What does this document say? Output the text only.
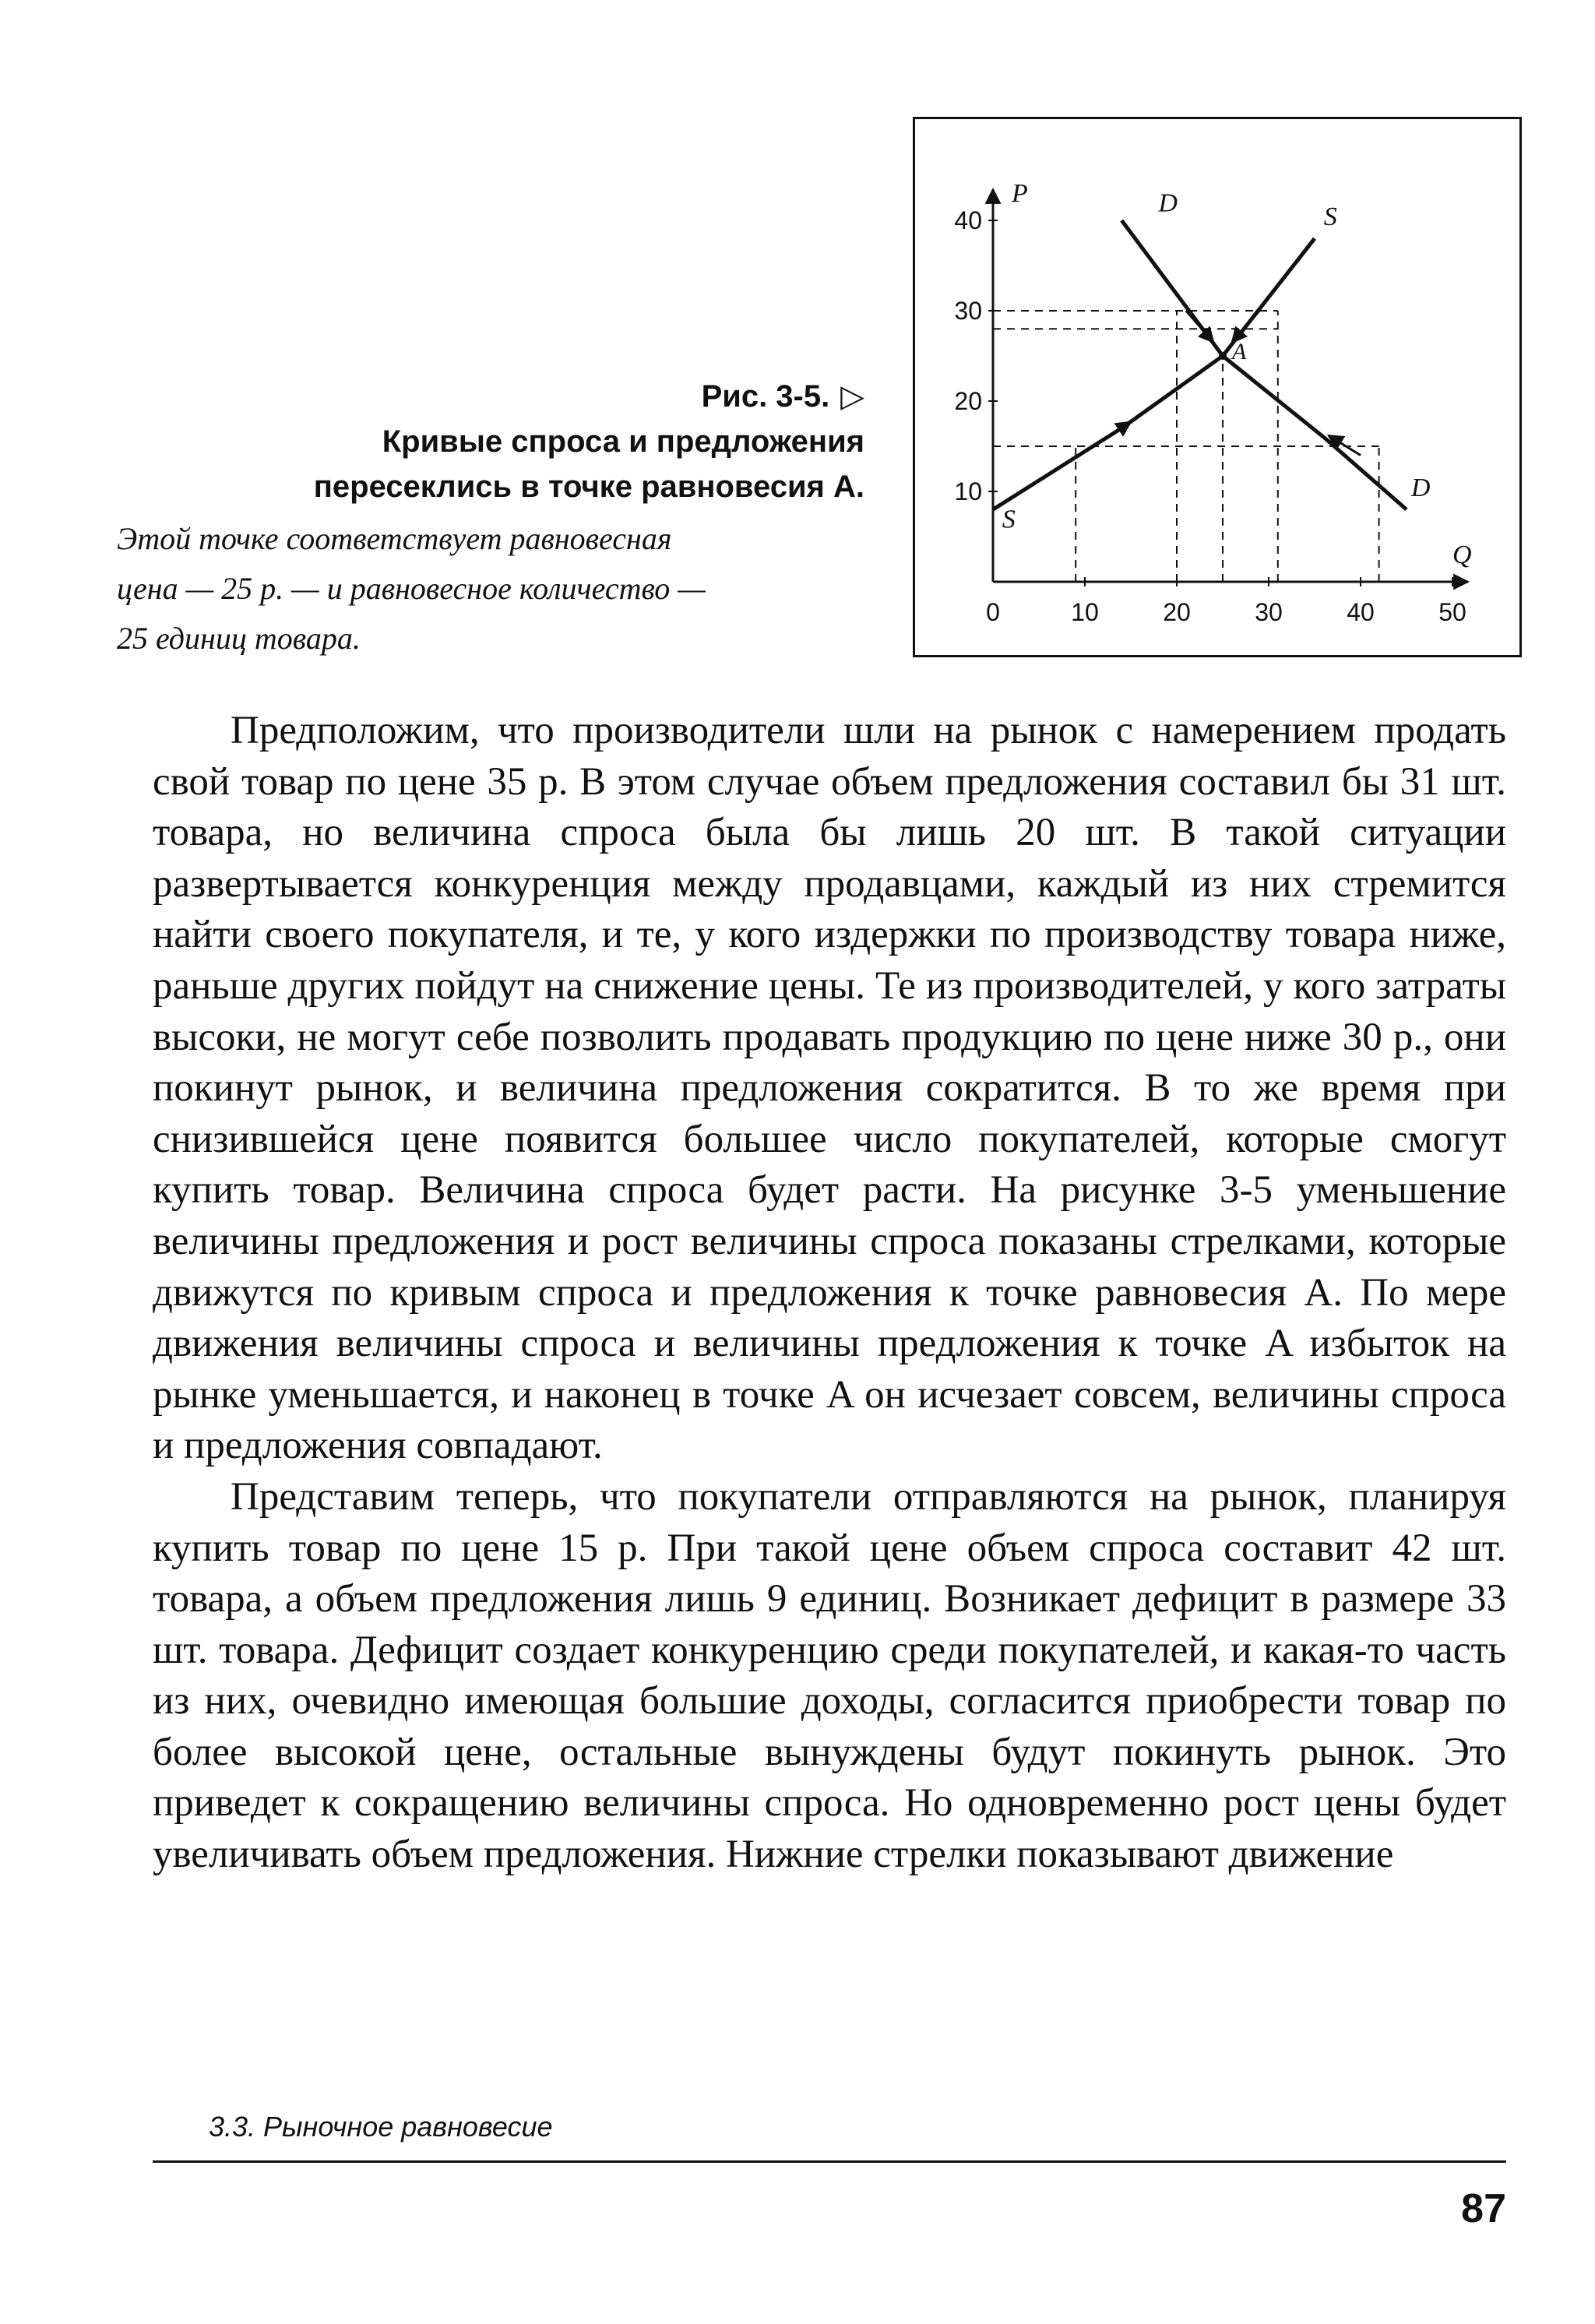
Рис. 3-5. ▷
Кривые спроса и предложения
пересеклись в точке равновесия A.
Этой точке соответствует равновесная
цена — 25 р. — и равновесное количество —
25 единиц товара.
0	10	20	30	40	50
10
20
30
40
A
D
D
S
S
P
Q

Предположим, что производители шли на рынок с намерением продать свой товар по цене 35 р. В этом случае объем предложения составил бы 31 шт. товара, но величина спроса была бы лишь 20 шт. В такой ситуации развертывается конкуренция между продавцами, каждый из них стремится найти своего покупателя, и те, у кого издержки по производству товара ниже, раньше других пойдут на снижение цены. Те из производителей, у кого затраты высоки, не могут себе позволить продавать продукцию по цене ниже 30 р., они покинут рынок, и величина предложения сократится. В то же время при снизившейся цене появится большее число покупателей, которые смогут купить товар. Величина спроса будет расти. На рисунке 3-5 уменьшение величины предложения и рост величины спроса показаны стрелками, которые движутся по кривым спроса и предложения к точке равновесия A. По мере движения величины спроса и величины предложения к точке A избыток на рынке уменьшается, и наконец в точке A он исчезает совсем, величины спроса и предложения совпадают.

Представим теперь, что покупатели отправляются на рынок, планируя купить товар по цене 15 р. При такой цене объем спроса составит 42 шт. товара, а объем предложения лишь 9 единиц. Возникает дефицит в размере 33 шт. товара. Дефицит создает конкуренцию среди покупателей, и какая-то часть из них, очевидно имеющая большие доходы, согласится приобрести товар по более высокой цене, остальные вынуждены будут покинуть рынок. Это приведет к сокращению величины спроса. Но одновременно рост цены будет увеличивать объем предложения. Нижние стрелки показывают движение

3.3. Рыночное равновесие
87
